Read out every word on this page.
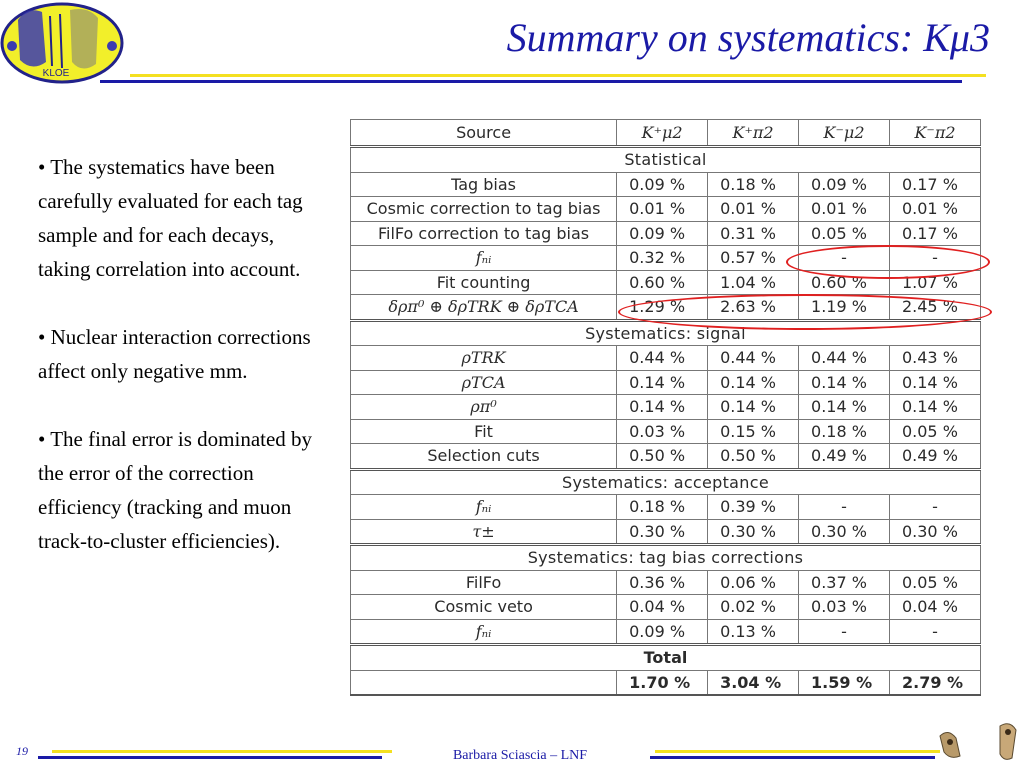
KLOE
Summary on systematics: Kμ3

• The systematics have been carefully evaluated for each tag sample and for each decays, taking correlation into account.

• Nuclear interaction corrections affect only negative mm.

• The final error is dominated by the error of the correction efficiency (tracking and muon track-to-cluster efficiencies).

Source	K⁺μ2	K⁺π2	K⁻μ2	K⁻π2
Statistical				
Tag bias	0.09 %	0.18 %	0.09 %	0.17 %
Cosmic correction to tag bias	0.01 %	0.01 %	0.01 %	0.01 %
FilFo correction to tag bias	0.09 %	0.31 %	0.05 %	0.17 %
fₙᵢ	0.32 %	0.57 %	-	-
Fit counting	0.60 %	1.04 %	0.60 %	1.07 %
δρπ⁰ ⊕ δρTRK ⊕ δρTCA	1.29 %	2.63 %	1.19 %	2.45 %
Systematics: signal				
ρTRK	0.44 %	0.44 %	0.44 %	0.43 %
ρTCA	0.14 %	0.14 %	0.14 %	0.14 %
ρπ⁰	0.14 %	0.14 %	0.14 %	0.14 %
Fit	0.03 %	0.15 %	0.18 %	0.05 %
Selection cuts	0.50 %	0.50 %	0.49 %	0.49 %
Systematics: acceptance				
fₙᵢ	0.18 %	0.39 %	-	-
τ±	0.30 %	0.30 %	0.30 %	0.30 %
Systematics: tag bias corrections				
FilFo	0.36 %	0.06 %	0.37 %	0.05 %
Cosmic veto	0.04 %	0.02 %	0.03 %	0.04 %
fₙᵢ	0.09 %	0.13 %	-	-
Total				
	1.70 %	3.04 %	1.59 %	2.79 %
19	Barbara Sciascia – LNF
